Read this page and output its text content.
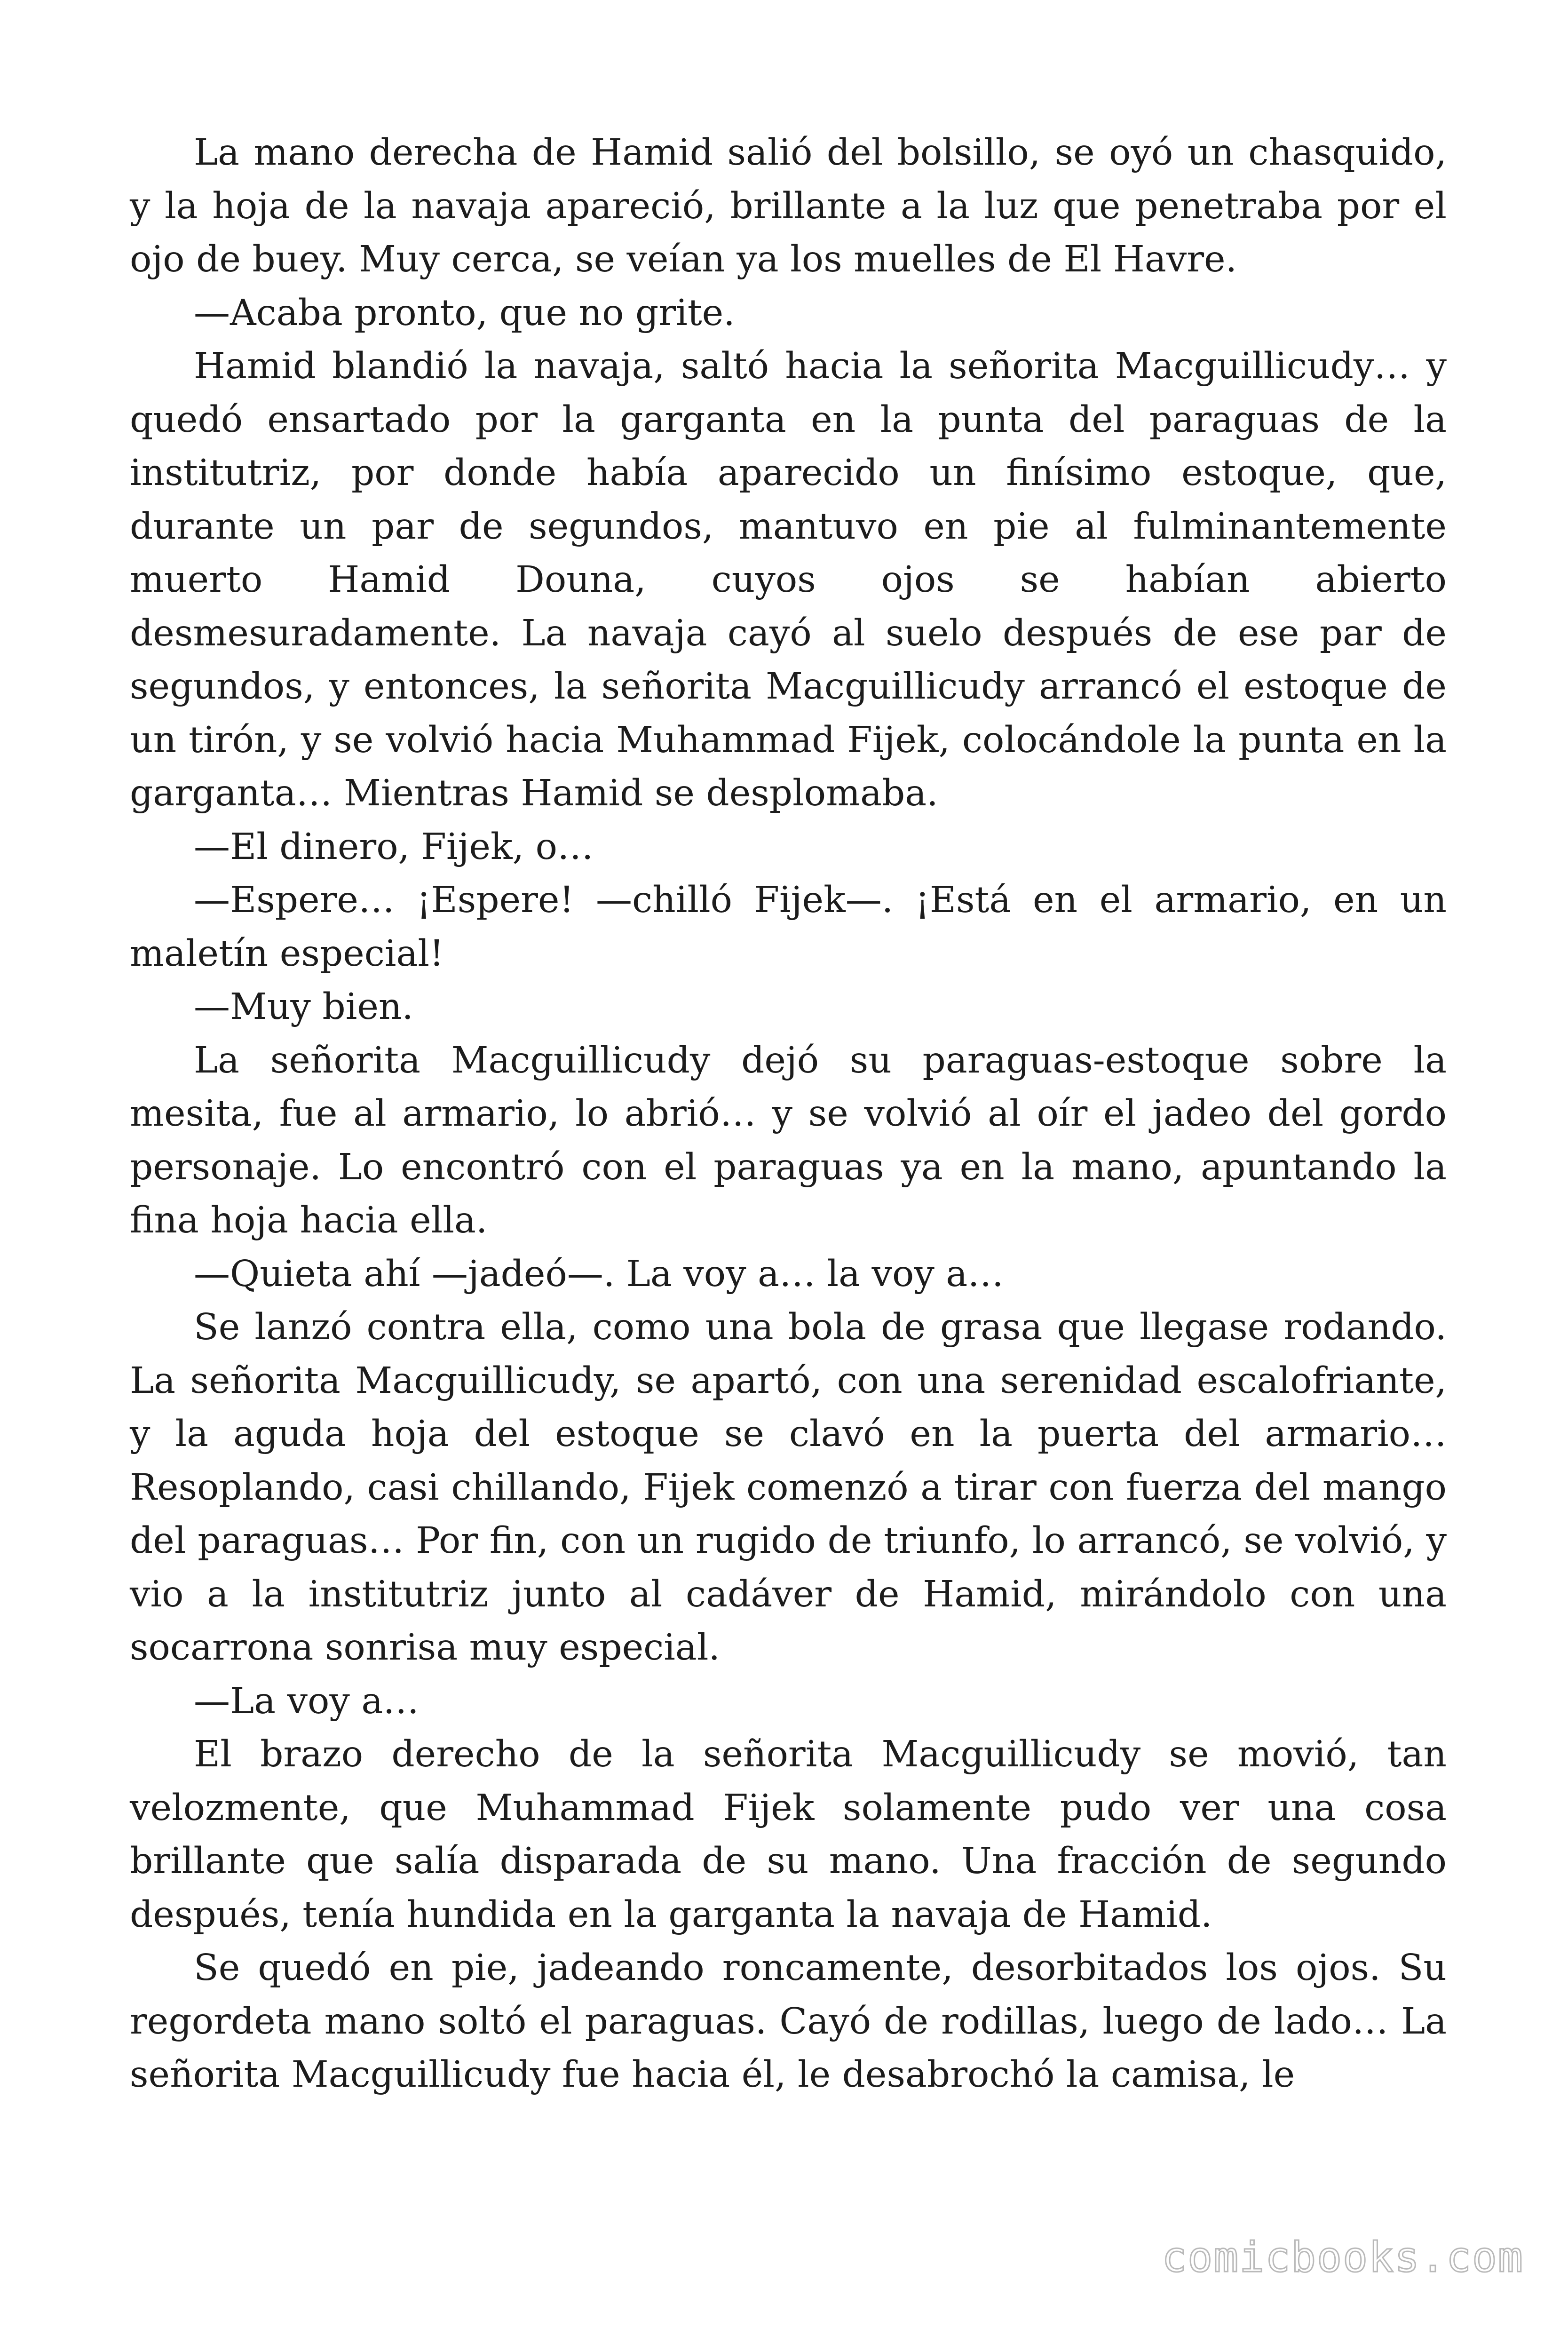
La mano derecha de Hamid salió del bolsillo, se oyó un chasquido, y la hoja de la navaja apareció, brillante a la luz que penetraba por el ojo de buey. Muy cerca, se veían ya los muelles de El Havre.

—Acaba pronto, que no grite.

Hamid blandió la navaja, saltó hacia la señorita Macguillicudy… y quedó ensartado por la garganta en la punta del paraguas de la institutriz, por donde había aparecido un finísimo estoque, que, durante un par de segundos, mantuvo en pie al fulminantemente muerto Hamid Douna, cuyos ojos se habían abierto desmesuradamente. La navaja cayó al suelo después de ese par de segundos, y entonces, la señorita Macguillicudy arrancó el estoque de un tirón, y se volvió hacia Muhammad Fijek, colocándole la punta en la garganta… Mientras Hamid se desplomaba.

—El dinero, Fijek, o…

—Espere… ¡Espere! —chilló Fijek—. ¡Está en el armario, en un maletín especial!

—Muy bien.

La señorita Macguillicudy dejó su paraguas-estoque sobre la mesita, fue al armario, lo abrió… y se volvió al oír el jadeo del gordo personaje. Lo encontró con el paraguas ya en la mano, apuntando la fina hoja hacia ella.

—Quieta ahí —jadeó—. La voy a… la voy a…

Se lanzó contra ella, como una bola de grasa que llegase rodando. La señorita Macguillicudy, se apartó, con una serenidad escalofriante, y la aguda hoja del estoque se clavó en la puerta del armario… Resoplando, casi chillando, Fijek comenzó a tirar con fuerza del mango del paraguas… Por fin, con un rugido de triunfo, lo arrancó, se volvió, y vio a la institutriz junto al cadáver de Hamid, mirándolo con una socarrona sonrisa muy especial.

—La voy a…

El brazo derecho de la señorita Macguillicudy se movió, tan velozmente, que Muhammad Fijek solamente pudo ver una cosa brillante que salía disparada de su mano. Una fracción de segundo después, tenía hundida en la garganta la navaja de Hamid.

Se quedó en pie, jadeando roncamente, desorbitados los ojos. Su regordeta mano soltó el paraguas. Cayó de rodillas, luego de lado… La señorita Macguillicudy fue hacia él, le desabrochó la camisa, le

comicbooks.com
